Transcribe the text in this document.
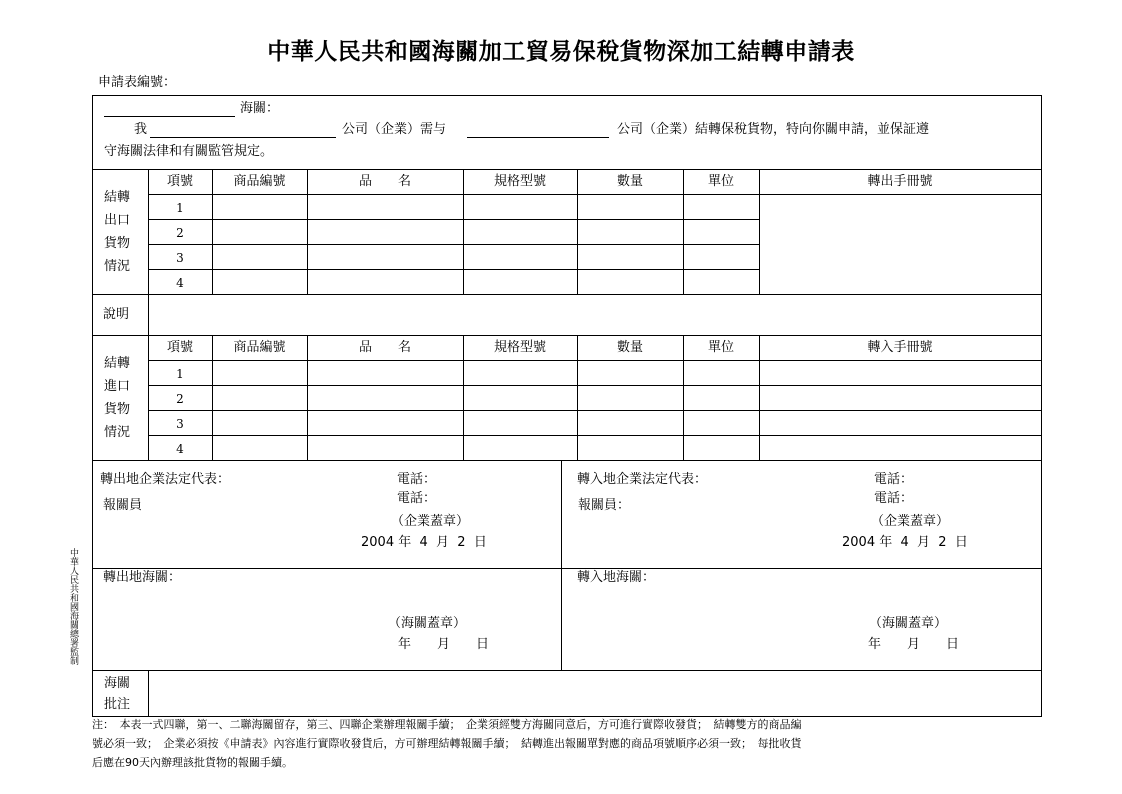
中華人民共和國海關加工貿易保稅貨物深加工結轉申請表
申請表編號：
海關：
我	公司（企業）需与	公司（企業）結轉保稅貨物，特向你關申請，並保証遵
守海關法律和有關監管規定。
結轉
出口
貨物
情況
項號	商品編號	品　　名	規格型號	數量	單位	轉出手冊號
1
2
3
4
說明
結轉
進口
貨物
情況
項號	商品編號	品　　名	規格型號	數量	單位	轉入手冊號
1
2
3
4
轉出地企業法定代表：
報關員
電話：
電話：
（企業蓋章）
2004 年  4  月  2  日
轉入地企業法定代表：
報關員：
電話：
電話：
（企業蓋章）
2004 年  4  月  2  日
轉出地海關：
（海關蓋章）
年　　月　　日
轉入地海關：
（海關蓋章）
年　　月　　日
海關
批注
注：　本表一式四聯，第一、二聯海關留存，第三、四聯企業辦理報關手續；　企業須經雙方海關同意后，方可進行實際收發貨；　結轉雙方的商品編
號必須一致；　企業必須按《申請表》內容進行實際收發貨后，方可辦理結轉報關手續；　結轉進出報關單對應的商品項號順序必須一致；　每批收貨
后應在90天內辦理該批貨物的報關手續。
中華人民共和國海關總署監制
